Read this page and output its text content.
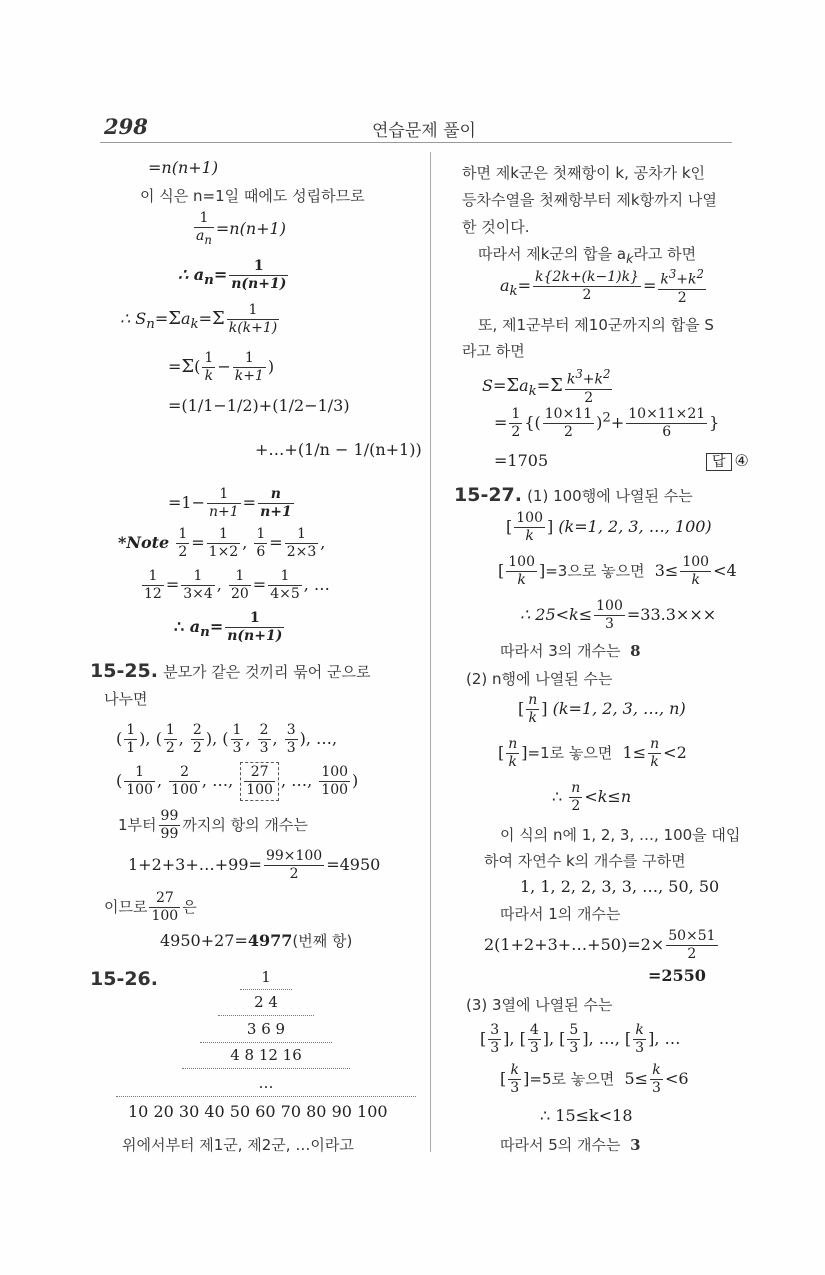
298	연습문제 풀이
=n(n+1)
이 식은 n=1일 때에도 성립하므로
$\frac{1}{a_n} =n(n+1)$
∴ $a_n= \frac{1}{n(n+1)}$
∴ $S_n=\Sigma a_k=\Sigma \frac{1}{k(k+1)}$
$=\Sigma( \frac{1}{k} - \frac{1}{k+1}$ )
=(1/1−1/2)+(1/2−1/3)
+…+(1/n − 1/(n+1))
$=1- \frac{1}{n+1} = \frac{n}{n+1}$
*Note $\frac{1}{2} = \frac{1}{1\times 2}$ , $\frac{1}{6} = \frac{1}{2\times 3}$ ,
$\frac{1}{12} = \frac{1}{3\times 4}$ , $\frac{1}{20} = \frac{1}{4\times 5}$ , …
∴ $a_n= \frac{1}{n(n+1)}$
15-25. 분모가 같은 것끼리 묶어 군으로
나누면
( $\frac{1}{1}$ ), ( $\frac{1}{2}$ , $\frac{2}{2}$ ), ( $\frac{1}{3}$ , $\frac{2}{3}$ , $\frac{3}{3}$ ), …,
( $\frac{1}{100}$ , $\frac{2}{100}$ , …, $\frac{27}{100}$ , …, $\frac{100}{100}$ )
1부터 $\frac{99}{99}$ 까지의 항의 개수는
1+2+3+…+99= $\frac{99\times 100}{2} =4950$
이므로 $\frac{27}{100}$ 은
4950+27=4977(번째 항)
15-26.	1
2 4
3 6 9
4 8 12 16
…
10 20 30 40 50 60 70 80 90 100
위에서부터 제1군, 제2군, …이라고
하면 제k군은 첫째항이 k, 공차가 k인
등차수열을 첫째항부터 제k항까지 나열
한 것이다.
따라서 제k군의 합을 $a_k$라고 하면
$a_k= \frac{k\{2k+(k-1)k\}}{2} = \frac{k^3+k^2}{2}$
또, 제1군부터 제10군까지의 합을 S
라고 하면
$S=\Sigma a_k=\Sigma \frac{k^3+k^2}{2}$
= $\frac{1}{2}$ {( $\frac{10\times 11}{2} )^2+ \frac{10\times 11\times 21}{6}$ }
=1705	답 ④
15-27. (1) 100행에 나열된 수는
[ $\frac{100}{k}$ ] (k=1, 2, 3, …, 100)
[ $\frac{100}{k} ]=3$으로 놓으면  $3\le \frac{100}{k} <4$
∴ $25<k\le \frac{100}{3} =33.3\times\times\times$
따라서 3의 개수는 8
(2) n행에 나열된 수는
[ $\frac{n}{k}$ ] (k=1, 2, 3, …, n)
[ $\frac{n}{k} ]=1$로 놓으면  $1\le \frac{n}{k} <2$
∴ $\frac{n}{2} <k\le n$
이 식의 n에 1, 2, 3, …, 100을 대입
하여 자연수 k의 개수를 구하면
1, 1, 2, 2, 3, 3, …, 50, 50
따라서 1의 개수는
2(1+2+3+…+50)=2× $\frac{50\times 51}{2}$
=2550
(3) 3열에 나열된 수는
[ $\frac{3}{3}$ ], [ $\frac{4}{3}$ ], [ $\frac{5}{3}$ ], …, [ $\frac{k}{3}$ ], …
[ $\frac{k}{3} ]=5$로 놓으면  $5\le \frac{k}{3} <6$
∴ 15≤k<18
따라서 5의 개수는 3
